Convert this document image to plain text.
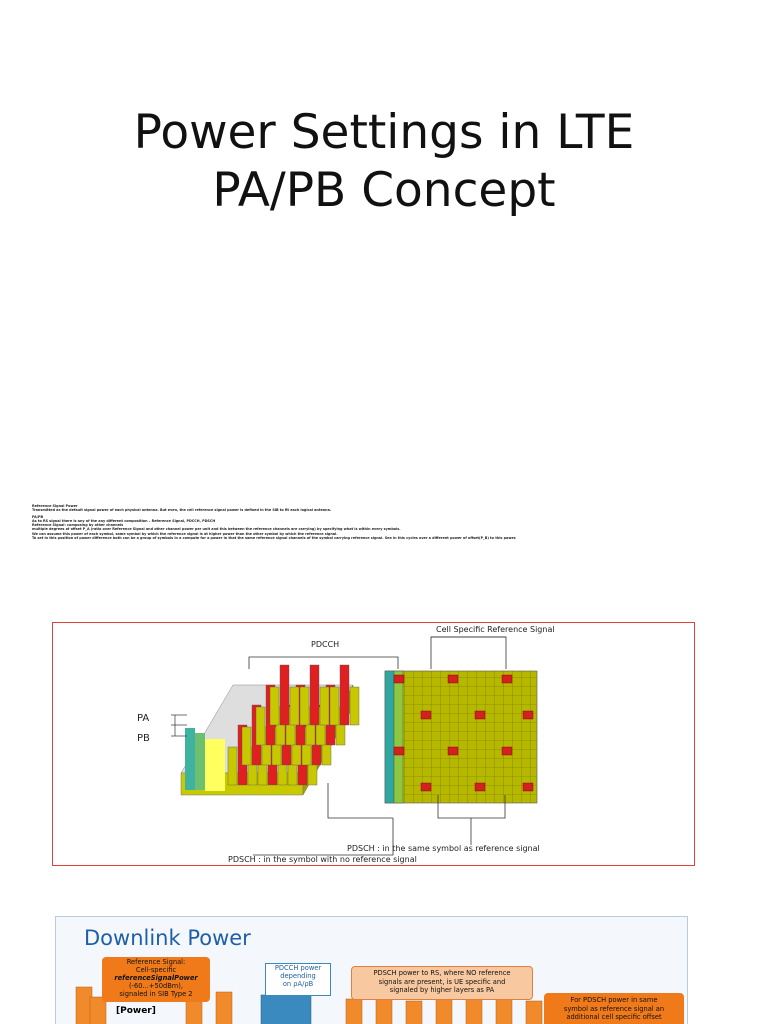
Power Settings in LTE
PA/PB Concept
Reference Signal Power
Transmitted as the default signal power of each physical antenna. But even, the cell reference signal power is defined in the SIB to fit each logical antenna.
PA/PB
As to RS signal there is any of the any different composition – Reference Signal, PDCCH, PDSCH
Reference Signal: composing by other channels
multiple degrees of offset P_A (ratio over Reference Signal and other channel power per unit and this between the reference channels are carrying) by specifying what is within every symbols.
We can assume this power of each symbol, same symbol by which the reference signal is at higher power than the other symbol by which the reference signal.
To set in this position of power difference both can be a group of symbols in a compute for a power in that the same reference signal channels of the symbol carrying reference signal. See in this cycles over a different power of offset(P_B) to this power.
Cell Specific Reference Signal
PDCCH
PA
PB
PDSCH : in the same symbol as reference signal
PDSCH : in the symbol with no reference signal
Downlink Power
Reference Signal:
Cell-specific
referenceSignalPower
(-60...+50dBm),
signaled in SIB Type 2
[Power]
PDCCH power
depending
on ρA/ρB
PDSCH power to RS, where NO reference
signals are present, is UE specific and
signaled by higher layers as PA
For PDSCH power in same
symbol as reference signal an
additional cell specific offset
